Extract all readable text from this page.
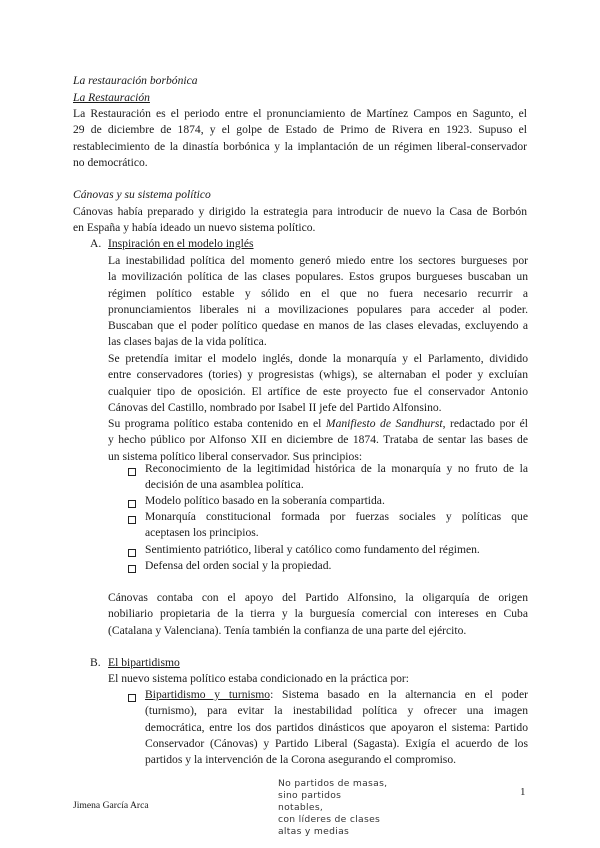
La restauración borbónica
La Restauración
La Restauración es el periodo entre el pronunciamiento de Martínez Campos en Sagunto, el
29 de diciembre de 1874, y el golpe de Estado de Primo de Rivera en 1923. Supuso el
restablecimiento de la dinastía borbónica y la implantación de un régimen liberal-conservador
no democrático.
Cánovas y su sistema político
Cánovas había preparado y dirigido la estrategia para introducir de nuevo la Casa de Borbón
en España y había ideado un nuevo sistema político.
A. Inspiración en el modelo inglés
La inestabilidad política del momento generó miedo entre los sectores burgueses por
la movilización política de las clases populares. Estos grupos burgueses buscaban un
régimen político estable y sólido en el que no fuera necesario recurrir a
pronunciamientos liberales ni a movilizaciones populares para acceder al poder.
Buscaban que el poder político quedase en manos de las clases elevadas, excluyendo a
las clases bajas de la vida política.
Se pretendía imitar el modelo inglés, donde la monarquía y el Parlamento, dividido
entre conservadores (tories) y progresistas (whigs), se alternaban el poder y excluían
cualquier tipo de oposición. El artífice de este proyecto fue el conservador Antonio
Cánovas del Castillo, nombrado por Isabel II jefe del Partido Alfonsino.
Su programa político estaba contenido en el Manifiesto de Sandhurst, redactado por él
y hecho público por Alfonso XII en diciembre de 1874. Trataba de sentar las bases de
un sistema político liberal conservador. Sus principios:
Reconocimiento de la legitimidad histórica de la monarquía y no fruto de la
decisión de una asamblea política.
Modelo político basado en la soberanía compartida.
Monarquía constitucional formada por fuerzas sociales y políticas que
aceptasen los principios.
Sentimiento patriótico, liberal y católico como fundamento del régimen.
Defensa del orden social y la propiedad.
Cánovas contaba con el apoyo del Partido Alfonsino, la oligarquía de origen
nobiliario propietaria de la tierra y la burguesía comercial con intereses en Cuba
(Catalana y Valenciana). Tenía también la confianza de una parte del ejército.
B. El bipartidismo
El nuevo sistema político estaba condicionado en la práctica por:
Bipartidismo y turnismo: Sistema basado en la alternancia en el poder
(turnismo), para evitar la inestabilidad política y ofrecer una imagen
democrática, entre los dos partidos dinásticos que apoyaron el sistema: Partido
Conservador (Cánovas) y Partido Liberal (Sagasta). Exigía el acuerdo de los
partidos y la intervención de la Corona asegurando el compromiso.
Jimena García Arca
No partidos de masas,
sino partidos notables,
con líderes de clases
altas y medias
1
